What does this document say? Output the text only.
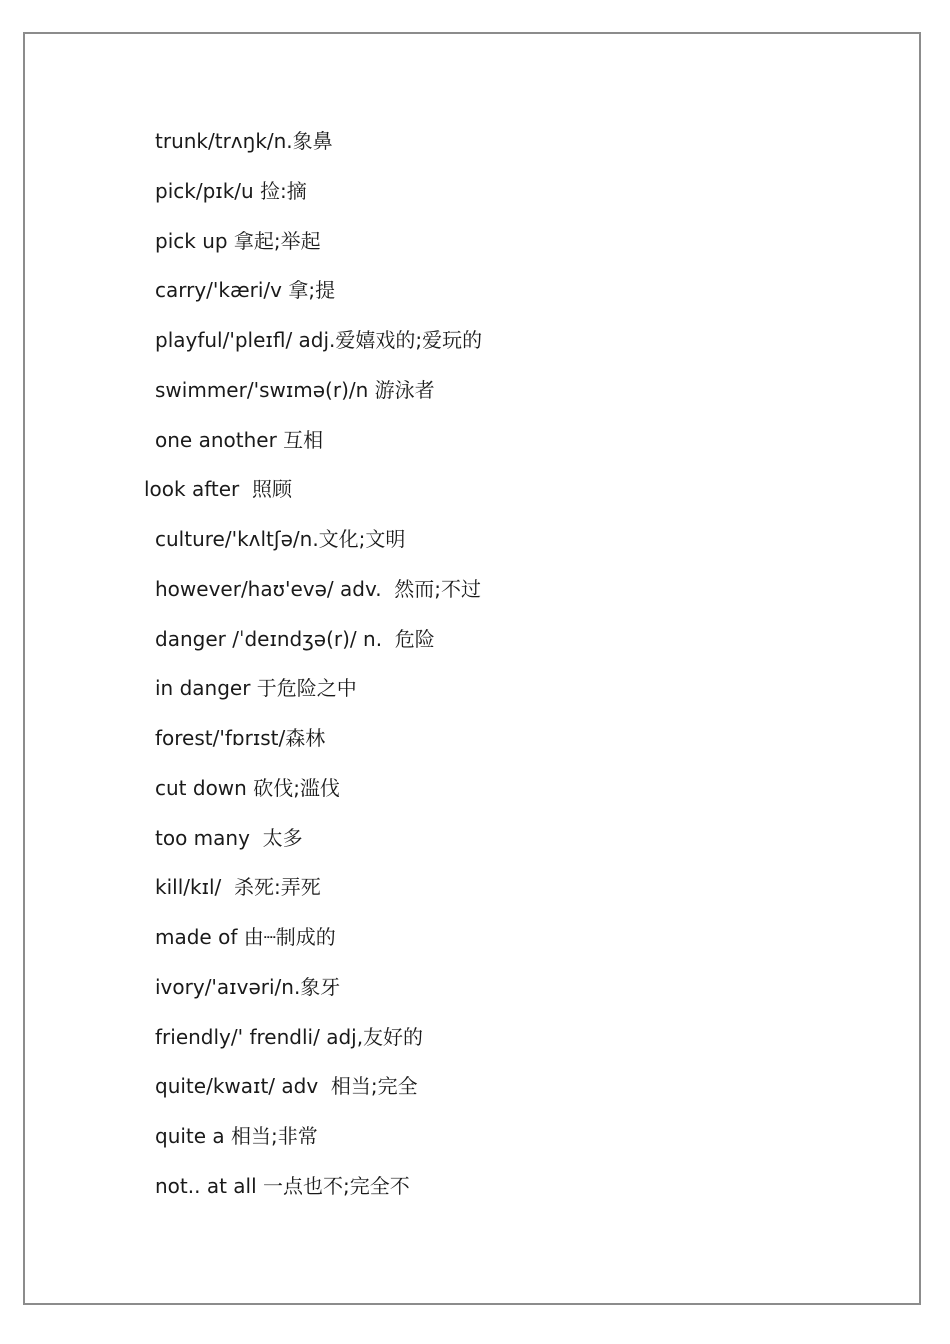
trunk/trʌŋk/n.象鼻

pick/pɪk/u 捡:摘

pick up 拿起;举起

carry/'kæri/v 拿;提

playful/'pleɪfl/ adj.爱嬉戏的;爱玩的

swimmer/'swɪmə(r)/n 游泳者

one another 互相

look after  照顾

culture/'kʌltʃə/n.文化;文明

however/haʊ'evə/ adv.  然而;不过

danger /ˈdeɪndʒə(r)/ n.  危险

in danger 于危险之中

forest/'fɒrɪst/森林

cut down 砍伐;滥伐

too many  太多

kill/kɪl/  杀死:弄死

made of 由┈制成的

ivory/'aɪvəri/n.象牙

friendly/' frendli/ adj,友好的

quite/kwaɪt/ adv  相当;完全

quite a 相当;非常

not.. at all 一点也不;完全不
